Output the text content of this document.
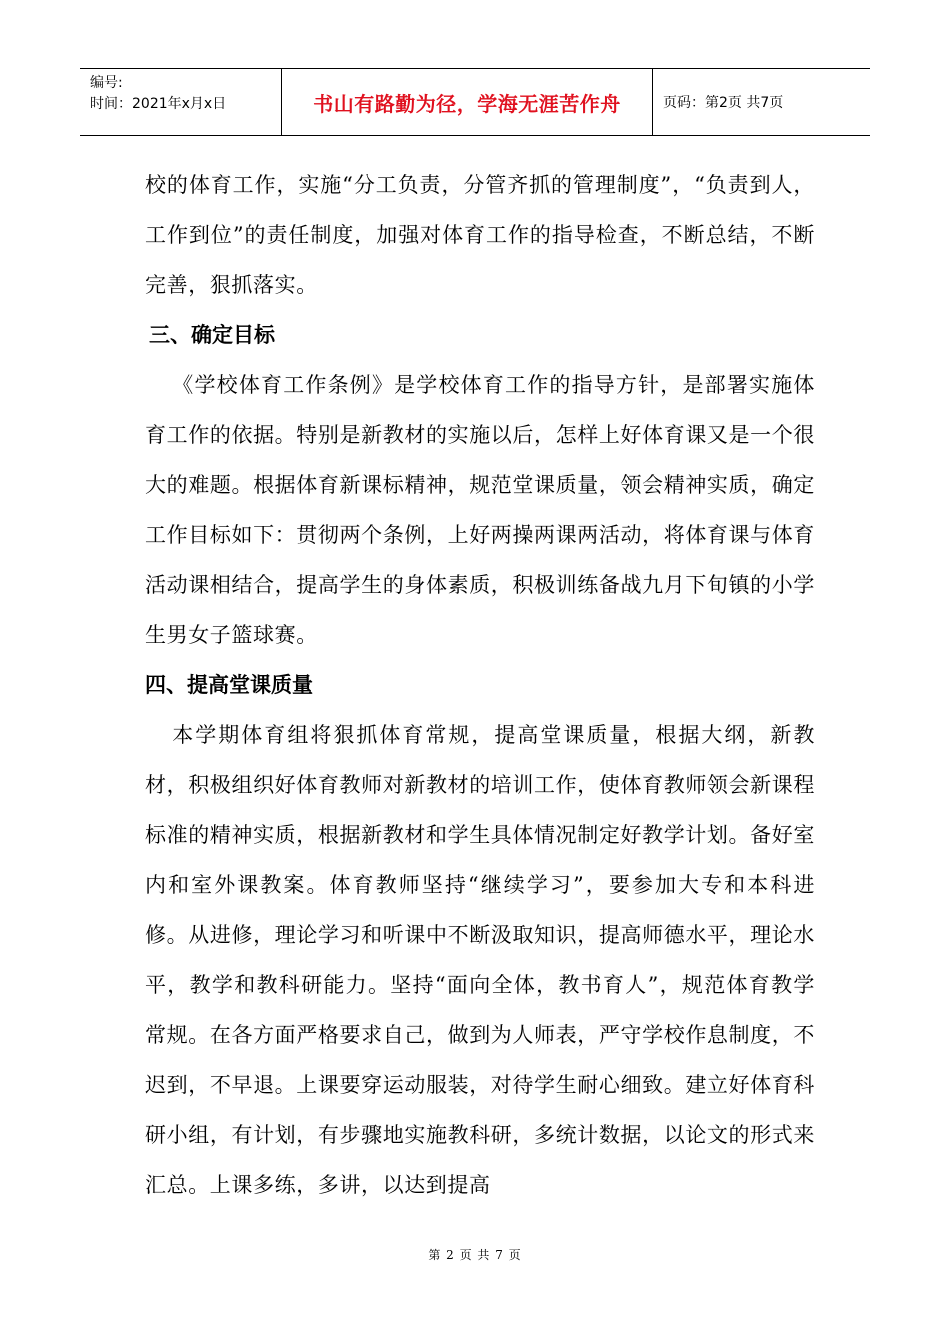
编号:
时间：2021年x月x日	书山有路勤为径，学海无涯苦作舟	页码：第2页 共7页

校的体育工作，实施“分工负责，分管齐抓的管理制度”，“负责到人，工作到位”的责任制度，加强对体育工作的指导检查，不断总结，不断完善，狠抓落实。

三、确定目标

《学校体育工作条例》是学校体育工作的指导方针，是部署实施体育工作的依据。特别是新教材的实施以后，怎样上好体育课又是一个很大的难题。根据体育新课标精神，规范堂课质量，领会精神实质，确定工作目标如下：贯彻两个条例，上好两操两课两活动，将体育课与体育活动课相结合，提高学生的身体素质，积极训练备战九月下旬镇的小学生男女子篮球赛。

四、提高堂课质量

本学期体育组将狠抓体育常规，提高堂课质量，根据大纲，新教材，积极组织好体育教师对新教材的培训工作，使体育教师领会新课程标准的精神实质，根据新教材和学生具体情况制定好教学计划。备好室内和室外课教案。体育教师坚持“继续学习”，要参加大专和本科进修。从进修，理论学习和听课中不断汲取知识，提高师德水平，理论水平，教学和教科研能力。坚持“面向全体，教书育人”，规范体育教学常规。在各方面严格要求自己，做到为人师表，严守学校作息制度，不迟到，不早退。上课要穿运动服装，对待学生耐心细致。建立好体育科研小组，有计划，有步骤地实施教科研，多统计数据，以论文的形式来汇总。上课多练，多讲，以达到提高

第 2 页 共 7 页
